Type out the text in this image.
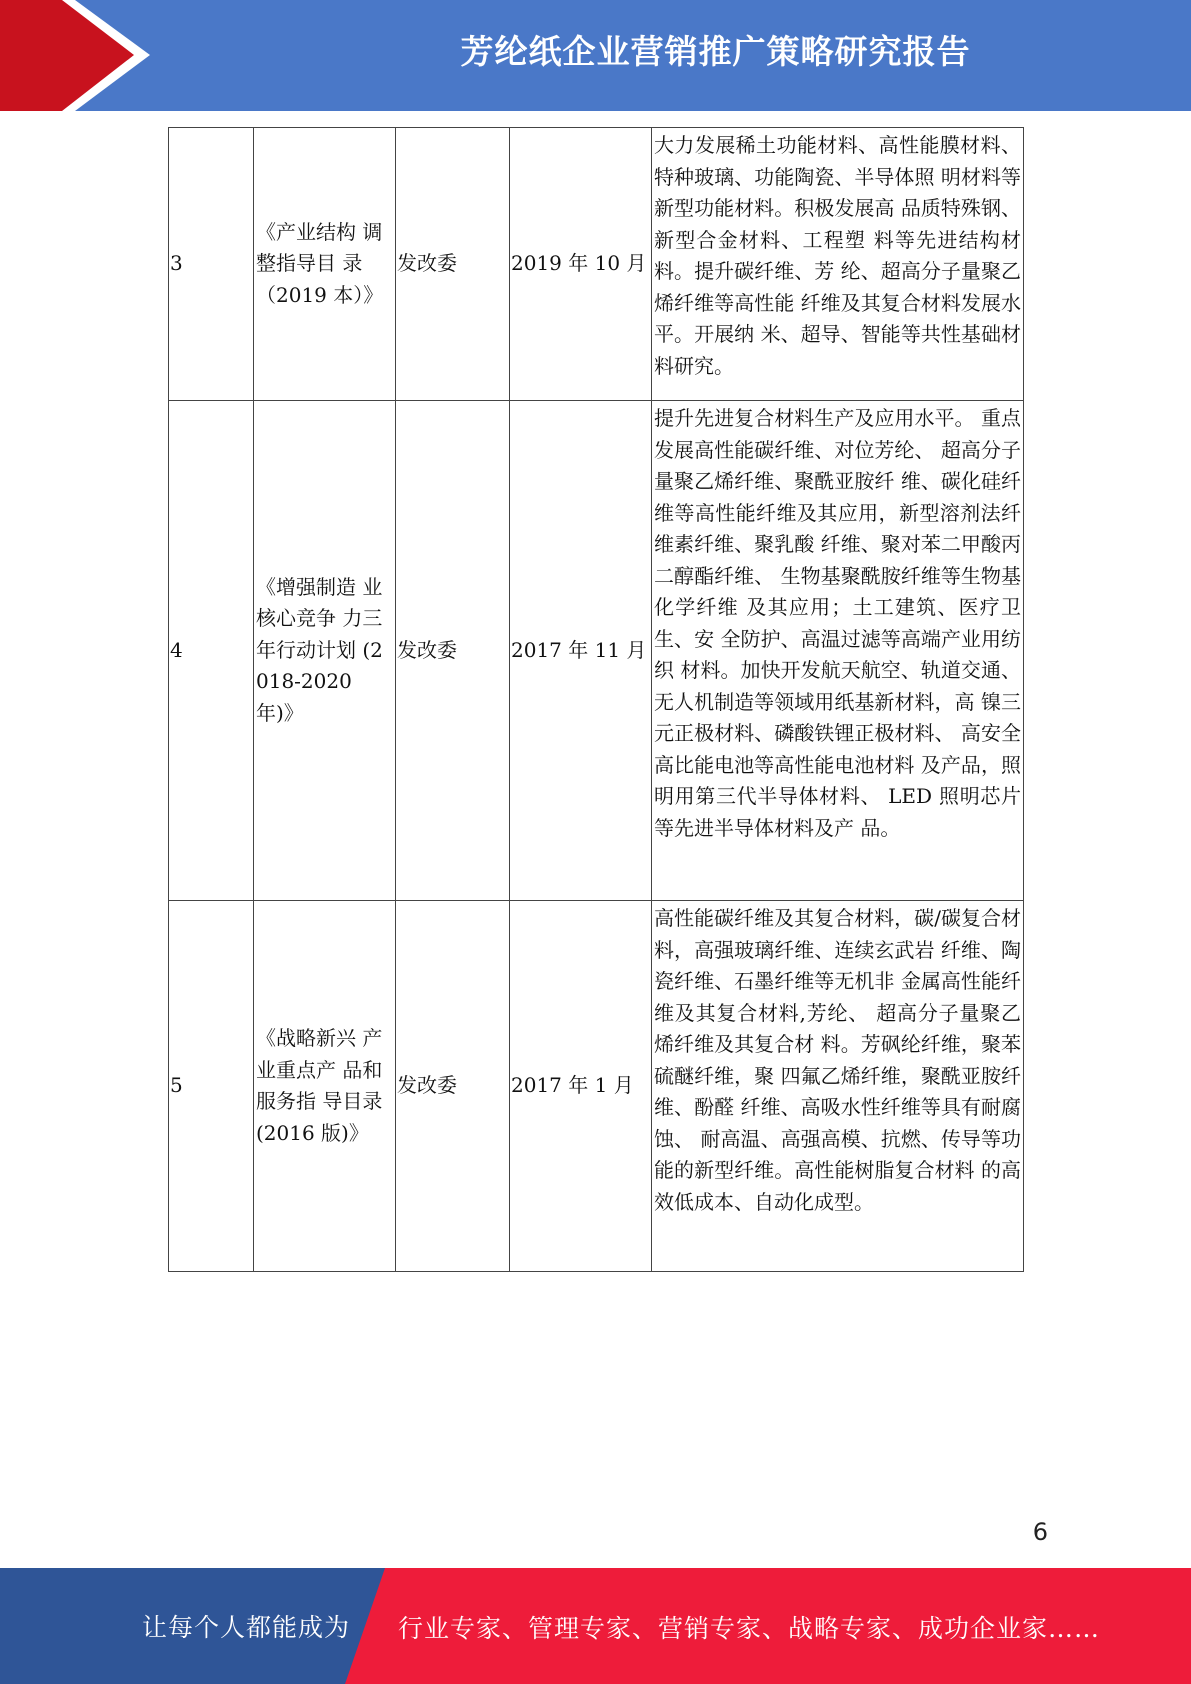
芳纶纸企业营销推广策略研究报告
3	《产业结构 调整指导目 录（2019 本）》	发改委	2019 年 10 月	大力发展稀土功能材料、高性能膜材料、特种玻璃、功能陶瓷、半导体照 明材料等新型功能材料。积极发展高 品质特殊钢、新型合金材料、工程塑 料等先进结构材料。提升碳纤维、芳 纶、超高分子量聚乙烯纤维等高性能 纤维及其复合材料发展水平。开展纳 米、超导、智能等共性基础材料研究。
4	《增强制造 业核心竞争 力三年行动计划 (2018-2020 年)》	发改委	2017 年 11 月	提升先进复合材料生产及应用水平。 重点发展高性能碳纤维、对位芳纶、 超高分子量聚乙烯纤维、聚酰亚胺纤 维、碳化硅纤维等高性能纤维及其应用，新型溶剂法纤维素纤维、聚乳酸 纤维、聚对苯二甲酸丙二醇酯纤维、 生物基聚酰胺纤维等生物基化学纤维 及其应用；土工建筑、医疗卫生、安 全防护、高温过滤等高端产业用纺织 材料。加快开发航天航空、轨道交通、 无人机制造等领域用纸基新材料，高 镍三元正极材料、磷酸铁锂正极材料、 高安全高比能电池等高性能电池材料 及产品，照明用第三代半导体材料、 LED 照明芯片等先进半导体材料及产 品。
5	《战略新兴 产业重点产 品和服务指 导目录 (2016 版)》	发改委	2017 年 1 月	高性能碳纤维及其复合材料，碳/碳复合材料，高强玻璃纤维、连续玄武岩 纤维、陶瓷纤维、石墨纤维等无机非 金属高性能纤维及其复合材料,芳纶、 超高分子量聚乙烯纤维及其复合材 料。芳砜纶纤维，聚苯硫醚纤维，聚 四氟乙烯纤维，聚酰亚胺纤维、酚醛 纤维、高吸水性纤维等具有耐腐蚀、 耐高温、高强高模、抗燃、传导等功 能的新型纤维。高性能树脂复合材料 的高效低成本、自动化成型。
6
让每个人都能成为 行业专家、管理专家、营销专家、战略专家、成功企业家……
